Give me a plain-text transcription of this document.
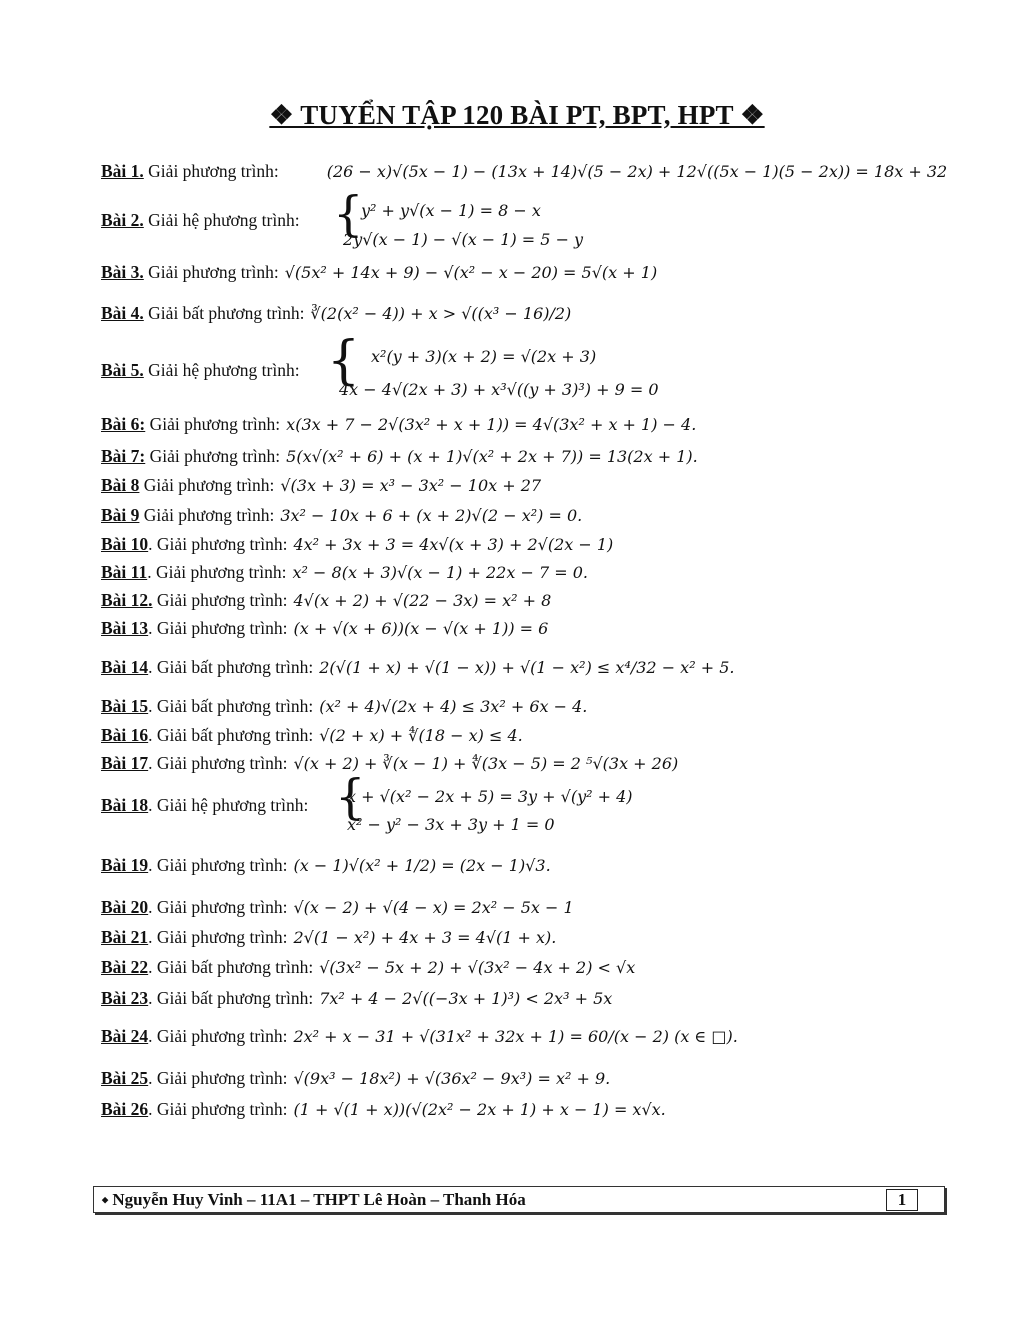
❖ TUYỂN TẬP 120 BÀI PT, BPT, HPT ❖
Bài 1. Giải phương trình:	(26 − x)√(5x − 1) − (13x + 14)√(5 − 2x) + 12√((5x − 1)(5 − 2x)) = 18x + 32
Bài 2. Giải hệ phương trình: {
y² + y√(x − 1) = 8 − x
2y√(x − 1) − √(x − 1) = 5 − y
Bài 3. Giải phương trình: √(5x² + 14x + 9) − √(x² − x − 20) = 5√(x + 1)
Bài 4. Giải bất phương trình: ∛(2(x² − 4)) + x > √((x³ − 16)/2)
Bài 5. Giải hệ phương trình: { x²(y + 3)(x + 2) = √(2x + 3)
4x − 4√(2x + 3) + x³√((y + 3)³) + 9 = 0
Bài 6: Giải phương trình: x(3x + 7 − 2√(3x² + x + 1)) = 4√(3x² + x + 1) − 4.
Bài 7: Giải phương trình: 5(x√(x² + 6) + (x + 1)√(x² + 2x + 7)) = 13(2x + 1).
Bài 8 Giải phương trình: √(3x + 3) = x³ − 3x² − 10x + 27
Bài 9 Giải phương trình: 3x² − 10x + 6 + (x + 2)√(2 − x²) = 0.
Bài 10. Giải phương trình: 4x² + 3x + 3 = 4x√(x + 3) + 2√(2x − 1)
Bài 11. Giải phương trình: x² − 8(x + 3)√(x − 1) + 22x − 7 = 0.
Bài 12. Giải phương trình: 4√(x + 2) + √(22 − 3x) = x² + 8
Bài 13. Giải phương trình: (x + √(x + 6))(x − √(x + 1)) = 6
Bài 14. Giải bất phương trình: 2(√(1 + x) + √(1 − x)) + √(1 − x²) ≤ x⁴/32 − x² + 5.
Bài 15. Giải bất phương trình: (x² + 4)√(2x + 4) ≤ 3x² + 6x − 4.
Bài 16. Giải bất phương trình: √(2 + x) + ∜(18 − x) ≤ 4.
Bài 17. Giải phương trình: √(x + 2) + ∛(x − 1) + ∜(3x − 5) = 2 ⁵√(3x + 26)
Bài 18. Giải hệ phương trình: {
x + √(x² − 2x + 5) = 3y + √(y² + 4)
x² − y² − 3x + 3y + 1 = 0
Bài 19. Giải phương trình: (x − 1)√(x² + 1/2) = (2x − 1)√3.
Bài 20. Giải phương trình: √(x − 2) + √(4 − x) = 2x² − 5x − 1
Bài 21. Giải phương trình: 2√(1 − x²) + 4x + 3 = 4√(1 + x).
Bài 22. Giải bất phương trình: √(3x² − 5x + 2) + √(3x² − 4x + 2) < √x
Bài 23. Giải bất phương trình: 7x² + 4 − 2√((−3x + 1)³) < 2x³ + 5x
Bài 24. Giải phương trình: 2x² + x − 31 + √(31x² + 32x + 1) = 60/(x − 2) (x ∈ □).
Bài 25. Giải phương trình: √(9x³ − 18x²) + √(36x² − 9x³) = x² + 9.
Bài 26. Giải phương trình: (1 + √(1 + x))(√(2x² − 2x + 1) + x − 1) = x√x.
⬩ Nguyễn Huy Vinh – 11A1 – THPT Lê Hoàn – Thanh Hóa	1
